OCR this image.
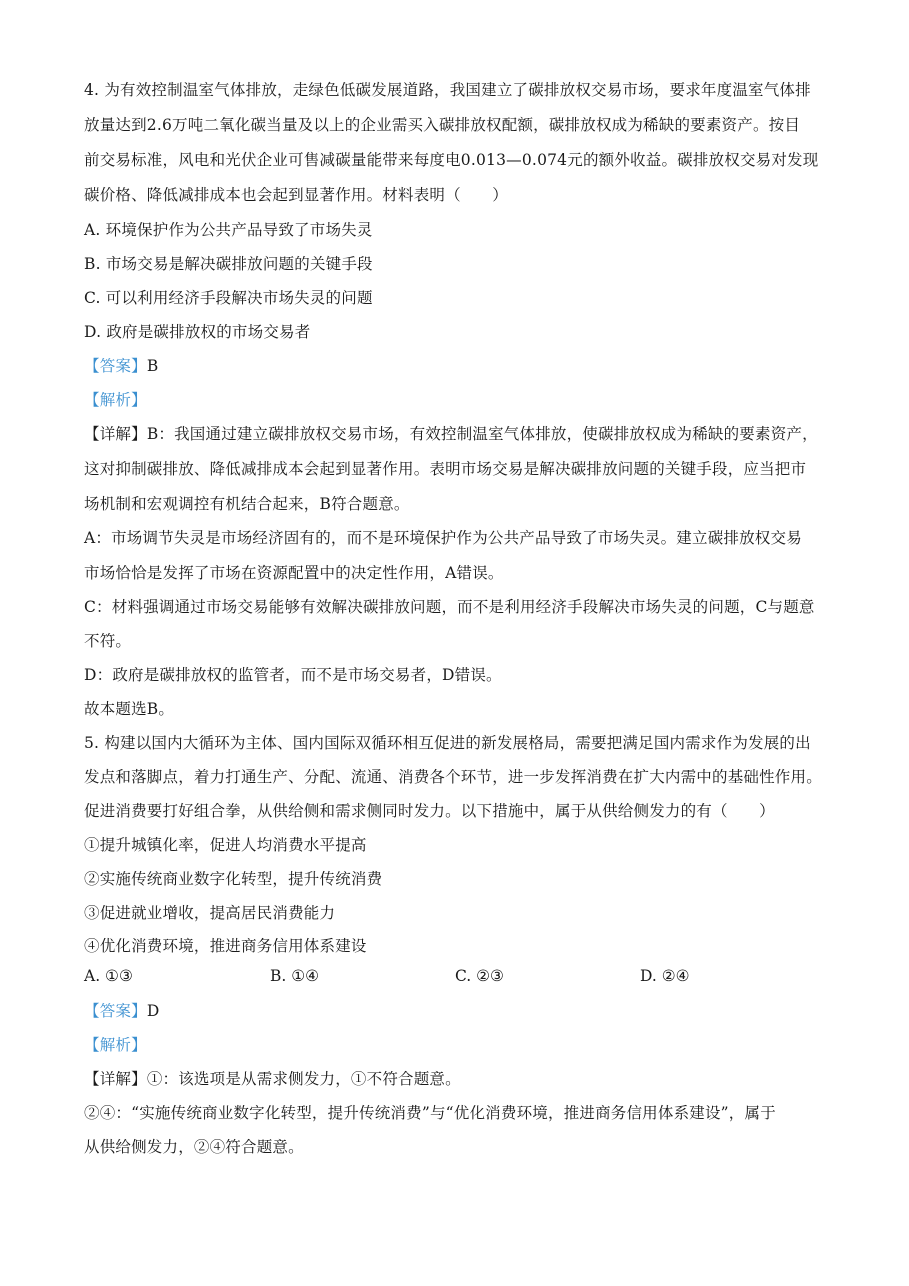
4. 为有效控制温室气体排放，走绿色低碳发展道路，我国建立了碳排放权交易市场，要求年度温室气体排
放量达到2.6万吨二氧化碳当量及以上的企业需买入碳排放权配额，碳排放权成为稀缺的要素资产。按目
前交易标准，风电和光伏企业可售减碳量能带来每度电0.013—0.074元的额外收益。碳排放权交易对发现
碳价格、降低减排成本也会起到显著作用。材料表明（　　）
A. 环境保护作为公共产品导致了市场失灵
B. 市场交易是解决碳排放问题的关键手段
C. 可以利用经济手段解决市场失灵的问题
D. 政府是碳排放权的市场交易者
【答案】B
【解析】
【详解】B：我国通过建立碳排放权交易市场，有效控制温室气体排放，使碳排放权成为稀缺的要素资产，
这对抑制碳排放、降低减排成本会起到显著作用。表明市场交易是解决碳排放问题的关键手段，应当把市
场机制和宏观调控有机结合起来，B符合题意。
A：市场调节失灵是市场经济固有的，而不是环境保护作为公共产品导致了市场失灵。建立碳排放权交易
市场恰恰是发挥了市场在资源配置中的决定性作用，A错误。
C：材料强调通过市场交易能够有效解决碳排放问题，而不是利用经济手段解决市场失灵的问题，C与题意
不符。
D：政府是碳排放权的监管者，而不是市场交易者，D错误。
故本题选B。
5. 构建以国内大循环为主体、国内国际双循环相互促进的新发展格局，需要把满足国内需求作为发展的出
发点和落脚点，着力打通生产、分配、流通、消费各个环节，进一步发挥消费在扩大内需中的基础性作用。
促进消费要打好组合拳，从供给侧和需求侧同时发力。以下措施中，属于从供给侧发力的有（　　）
①提升城镇化率，促进人均消费水平提高
②实施传统商业数字化转型，提升传统消费
③促进就业增收，提高居民消费能力
④优化消费环境，推进商务信用体系建设
A. ①③	B. ①④	C. ②③	D. ②④
【答案】D
【解析】
【详解】①：该选项是从需求侧发力，①不符合题意。
②④：“实施传统商业数字化转型，提升传统消费”与“优化消费环境，推进商务信用体系建设”，属于
从供给侧发力，②④符合题意。
